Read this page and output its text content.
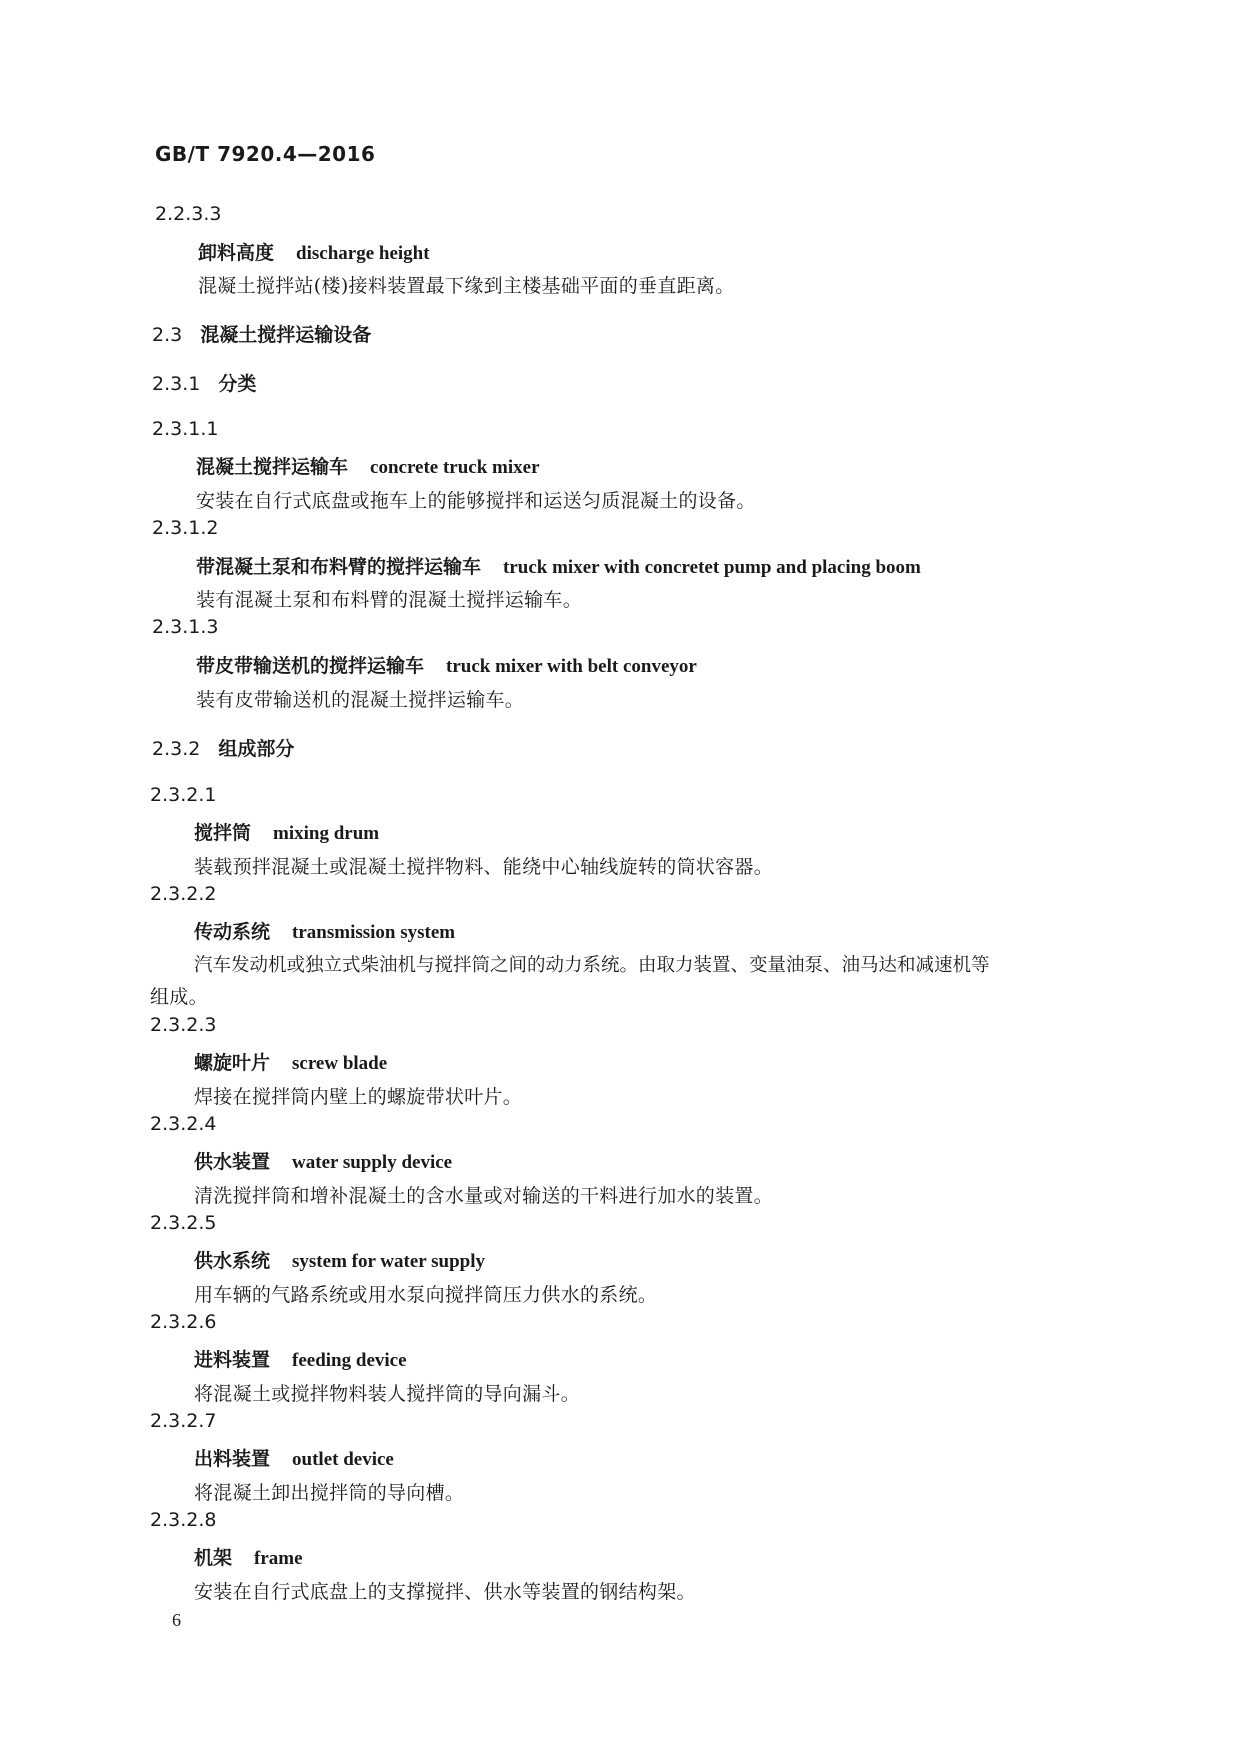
GB/T 7920.4—2016
2.2.3.3
卸料高度 discharge height
混凝土搅拌站(楼)接料装置最下缘到主楼基础平面的垂直距离。
2.3 混凝土搅拌运输设备
2.3.1 分类
2.3.1.1
混凝土搅拌运输车 concrete truck mixer
安装在自行式底盘或拖车上的能够搅拌和运送匀质混凝土的设备。
2.3.1.2
带混凝土泵和布料臂的搅拌运输车 truck mixer with concretet pump and placing boom
装有混凝土泵和布料臂的混凝土搅拌运输车。
2.3.1.3
带皮带输送机的搅拌运输车 truck mixer with belt conveyor
装有皮带输送机的混凝土搅拌运输车。
2.3.2 组成部分
2.3.2.1
搅拌筒 mixing drum
装载预拌混凝土或混凝土搅拌物料、能绕中心轴线旋转的筒状容器。
2.3.2.2
传动系统 transmission system
汽车发动机或独立式柴油机与搅拌筒之间的动力系统。由取力装置、变量油泵、油马达和减速机等
组成。
2.3.2.3
螺旋叶片 screw blade
焊接在搅拌筒内壁上的螺旋带状叶片。
2.3.2.4
供水装置 water supply device
清洗搅拌筒和增补混凝土的含水量或对输送的干料进行加水的装置。
2.3.2.5
供水系统 system for water supply
用车辆的气路系统或用水泵向搅拌筒压力供水的系统。
2.3.2.6
进料装置 feeding device
将混凝土或搅拌物料装人搅拌筒的导向漏斗。
2.3.2.7
出料装置 outlet device
将混凝土卸出搅拌筒的导向槽。
2.3.2.8
机架 frame
安装在自行式底盘上的支撑搅拌、供水等装置的钢结构架。
6
